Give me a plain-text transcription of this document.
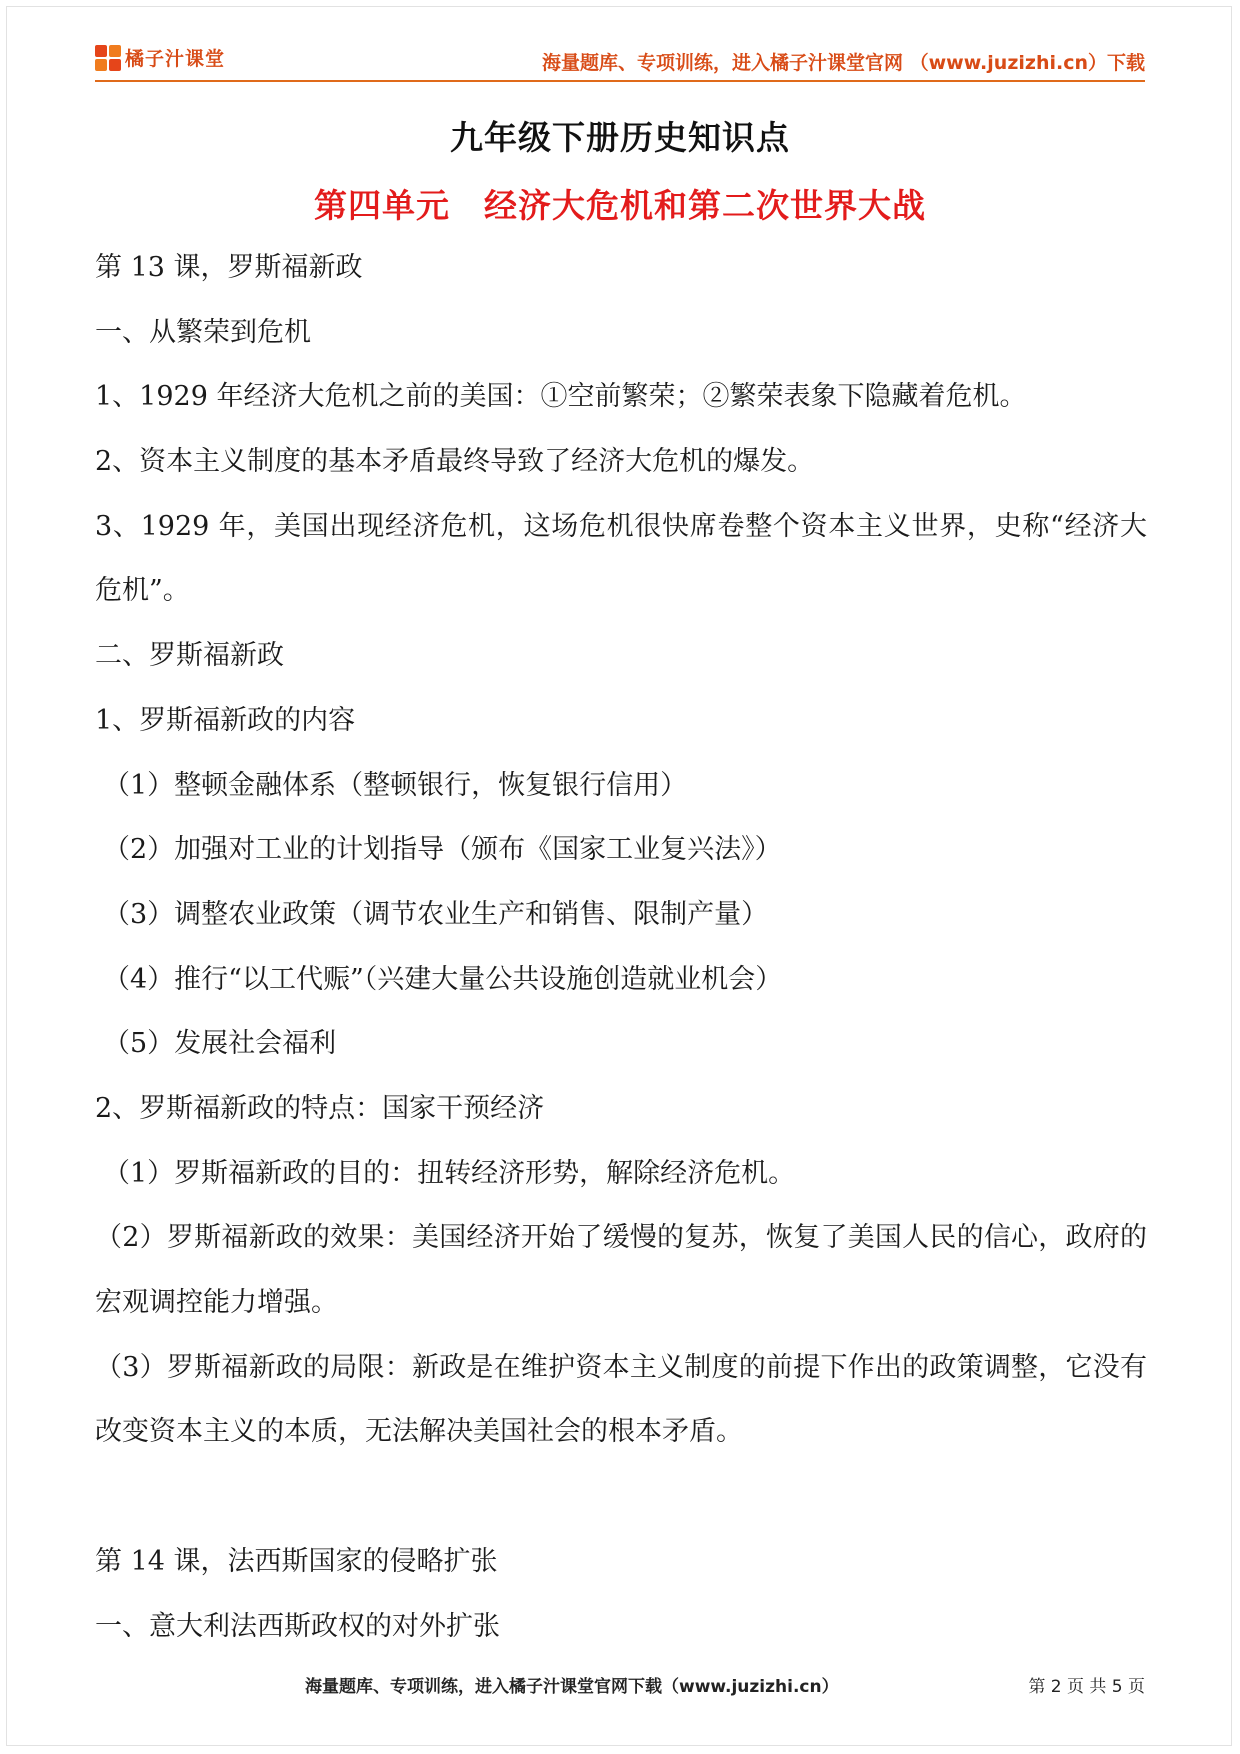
橘子汁课堂	海量题库、专项训练，进入橘子汁课堂官网 （www.juzizhi.cn）下载
九年级下册历史知识点
第四单元　经济大危机和第二次世界大战
第 13 课，罗斯福新政
一、从繁荣到危机
1、1929 年经济大危机之前的美国：①空前繁荣；②繁荣表象下隐藏着危机。
2、资本主义制度的基本矛盾最终导致了经济大危机的爆发。
3、1929 年，美国出现经济危机，这场危机很快席卷整个资本主义世界，史称“经济大危机”。
二、罗斯福新政
1、罗斯福新政的内容
（1）整顿金融体系（整顿银行，恢复银行信用）
（2）加强对工业的计划指导（颁布《国家工业复兴法》）
（3）调整农业政策（调节农业生产和销售、限制产量）
（4）推行“以工代赈”（兴建大量公共设施创造就业机会）
（5）发展社会福利
2、罗斯福新政的特点：国家干预经济
（1）罗斯福新政的目的：扭转经济形势，解除经济危机。
（2）罗斯福新政的效果：美国经济开始了缓慢的复苏，恢复了美国人民的信心，政府的宏观调控能力增强。
（3）罗斯福新政的局限：新政是在维护资本主义制度的前提下作出的政策调整，它没有改变资本主义的本质，无法解决美国社会的根本矛盾。
第 14 课，法西斯国家的侵略扩张
一、意大利法西斯政权的对外扩张
海量题库、专项训练，进入橘子汁课堂官网下载（www.juzizhi.cn）	第 2 页 共 5 页
